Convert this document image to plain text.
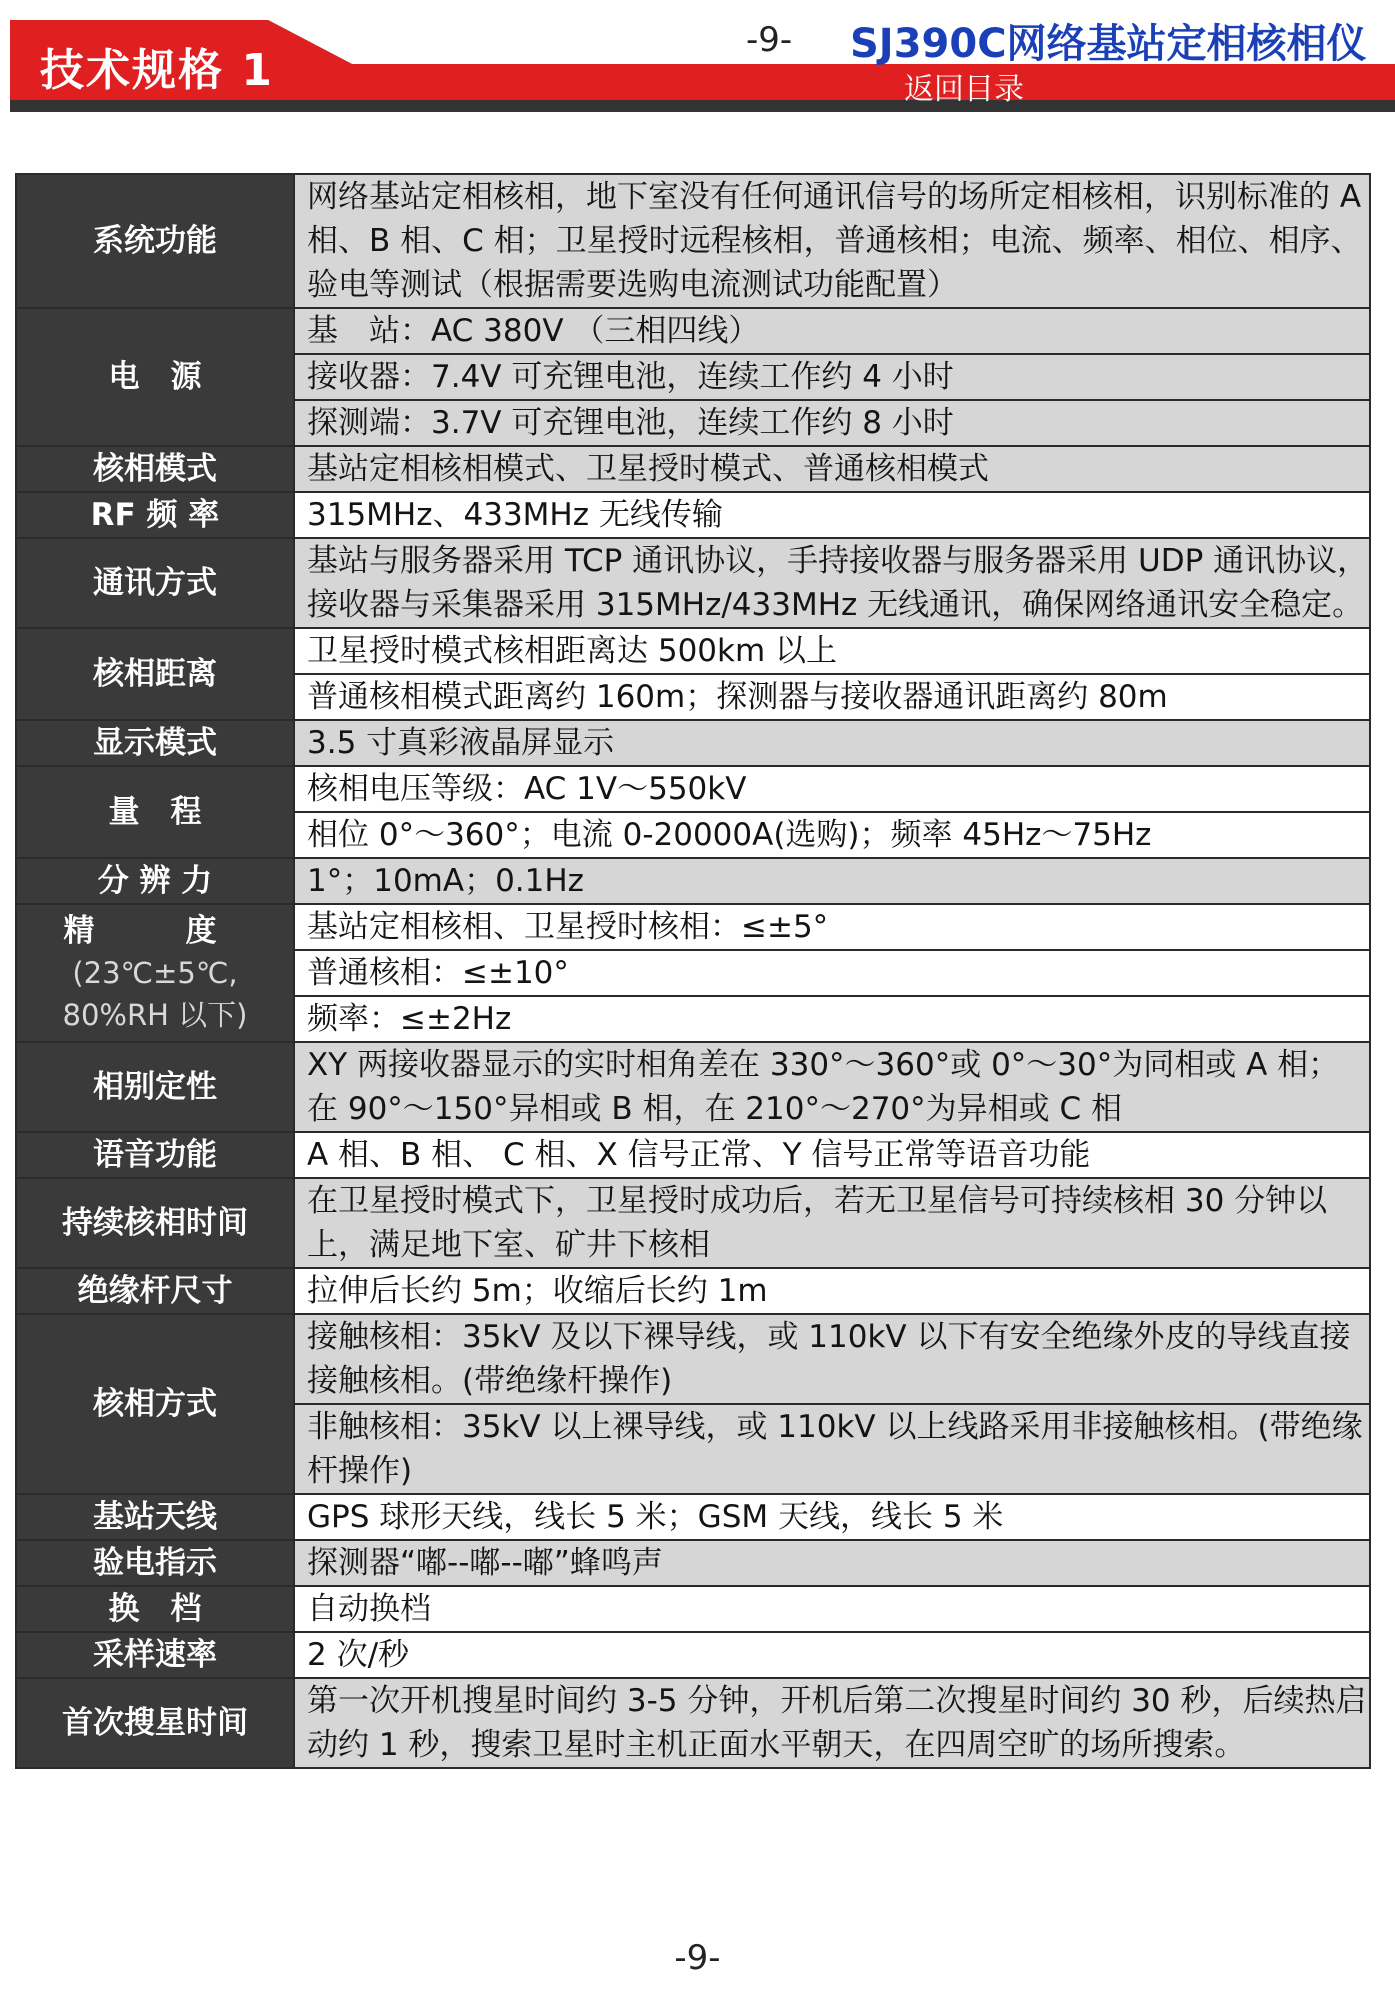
技术规格 1
-9- SJ390C网络基站定相核相仪
返回目录
系统功能	网络基站定相核相，地下室没有任何通讯信号的场所定相核相，识别标准的 A 相、B 相、C 相；卫星授时远程核相，普通核相；电流、频率、相位、相序、验电等测试（根据需要选购电流测试功能配置）
电　源	基　站：AC 380V （三相四线）
	接收器：7.4V 可充锂电池，连续工作约 4 小时
	探测端：3.7V 可充锂电池，连续工作约 8 小时
核相模式	基站定相核相模式、卫星授时模式、普通核相模式
RF 频 率	315MHz、433MHz 无线传输
通讯方式	基站与服务器采用 TCP 通讯协议，手持接收器与服务器采用 UDP 通讯协议，接收器与采集器采用 315MHz/433MHz 无线通讯，确保网络通讯安全稳定。
核相距离	卫星授时模式核相距离达 500km 以上
	普通核相模式距离约 160m；探测器与接收器通讯距离约 80m
显示模式	3.5 寸真彩液晶屏显示
量　程	核相电压等级：AC 1V～550kV
	相位 0°～360°；电流 0-20000A(选购)；频率 45Hz～75Hz
分 辨 力	1°；10mA；0.1Hz

精　度
(23℃±5℃,
80%RH 以下)	基站定相核相、卫星授时核相：≤±5°
	普通核相：≤±10°
	频率：≤±2Hz
相别定性	XY 两接收器显示的实时相角差在 330°～360°或 0°～30°为同相或 A 相；在 90°～150°异相或 B 相，在 210°～270°为异相或 C 相
语音功能	A 相、B 相、 C 相、X 信号正常、Y 信号正常等语音功能
持续核相时间	在卫星授时模式下，卫星授时成功后，若无卫星信号可持续核相 30 分钟以上，满足地下室、矿井下核相
绝缘杆尺寸	拉伸后长约 5m；收缩后长约 1m
核相方式	接触核相：35kV 及以下裸导线，或 110kV 以下有安全绝缘外皮的导线直接接触核相。(带绝缘杆操作)
	非触核相：35kV 以上裸导线，或 110kV 以上线路采用非接触核相。(带绝缘杆操作)
基站天线	GPS 球形天线，线长 5 米；GSM 天线，线长 5 米
验电指示	探测器“嘟--嘟--嘟”蜂鸣声
换　档	自动换档
采样速率	2 次/秒
首次搜星时间	第一次开机搜星时间约 3-5 分钟，开机后第二次搜星时间约 30 秒，后续热启动约 1 秒，搜索卫星时主机正面水平朝天，在四周空旷的场所搜索。
-9-
